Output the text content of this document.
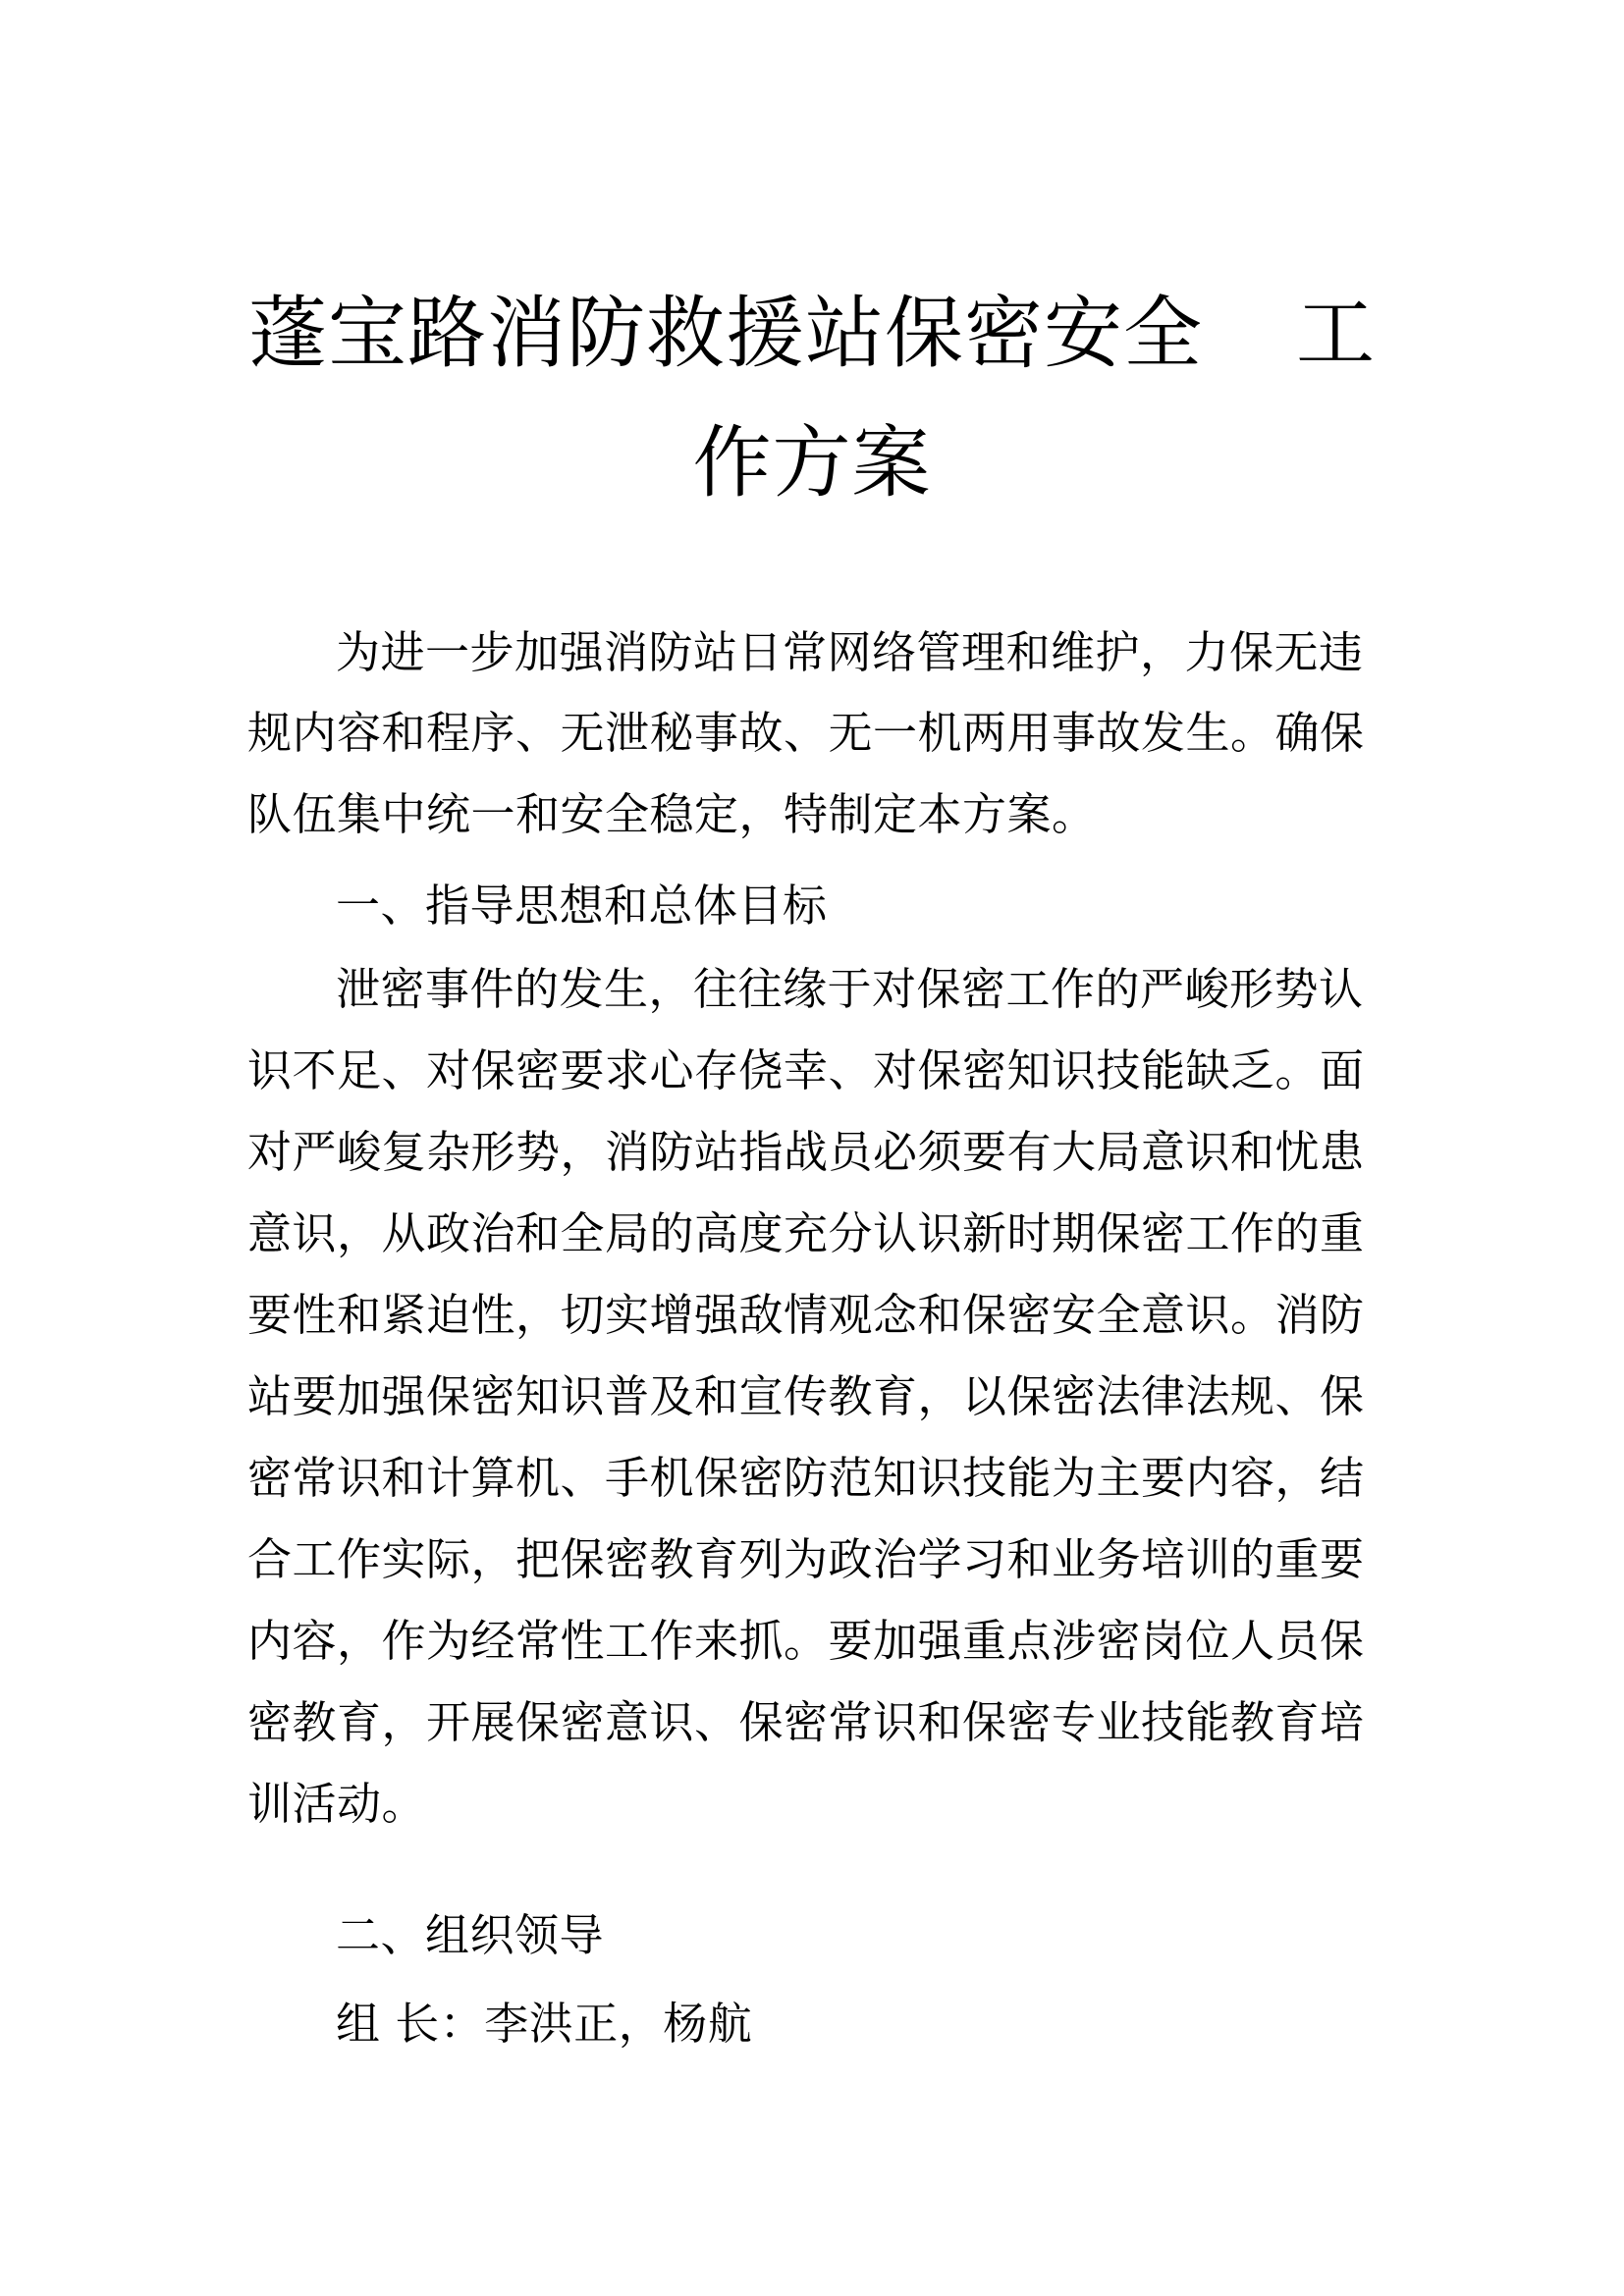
蓬宝路消防救援站保密安全 工
作方案
为进一步加强消防站日常网络管理和维护，力保无违
规内容和程序、无泄秘事故、无一机两用事故发生。确保
队伍集中统一和安全稳定，特制定本方案。
一、指导思想和总体目标
泄密事件的发生，往往缘于对保密工作的严峻形势认
识不足、对保密要求心存侥幸、对保密知识技能缺乏。面
对严峻复杂形势，消防站指战员必须要有大局意识和忧患
意识，从政治和全局的高度充分认识新时期保密工作的重
要性和紧迫性，切实增强敌情观念和保密安全意识。消防
站要加强保密知识普及和宣传教育，以保密法律法规、保
密常识和计算机、手机保密防范知识技能为主要内容，结
合工作实际，把保密教育列为政治学习和业务培训的重要
内容，作为经常性工作来抓。要加强重点涉密岗位人员保
密教育，开展保密意识、保密常识和保密专业技能教育培
训活动。
二、组织领导
组 长：李洪正，杨航
